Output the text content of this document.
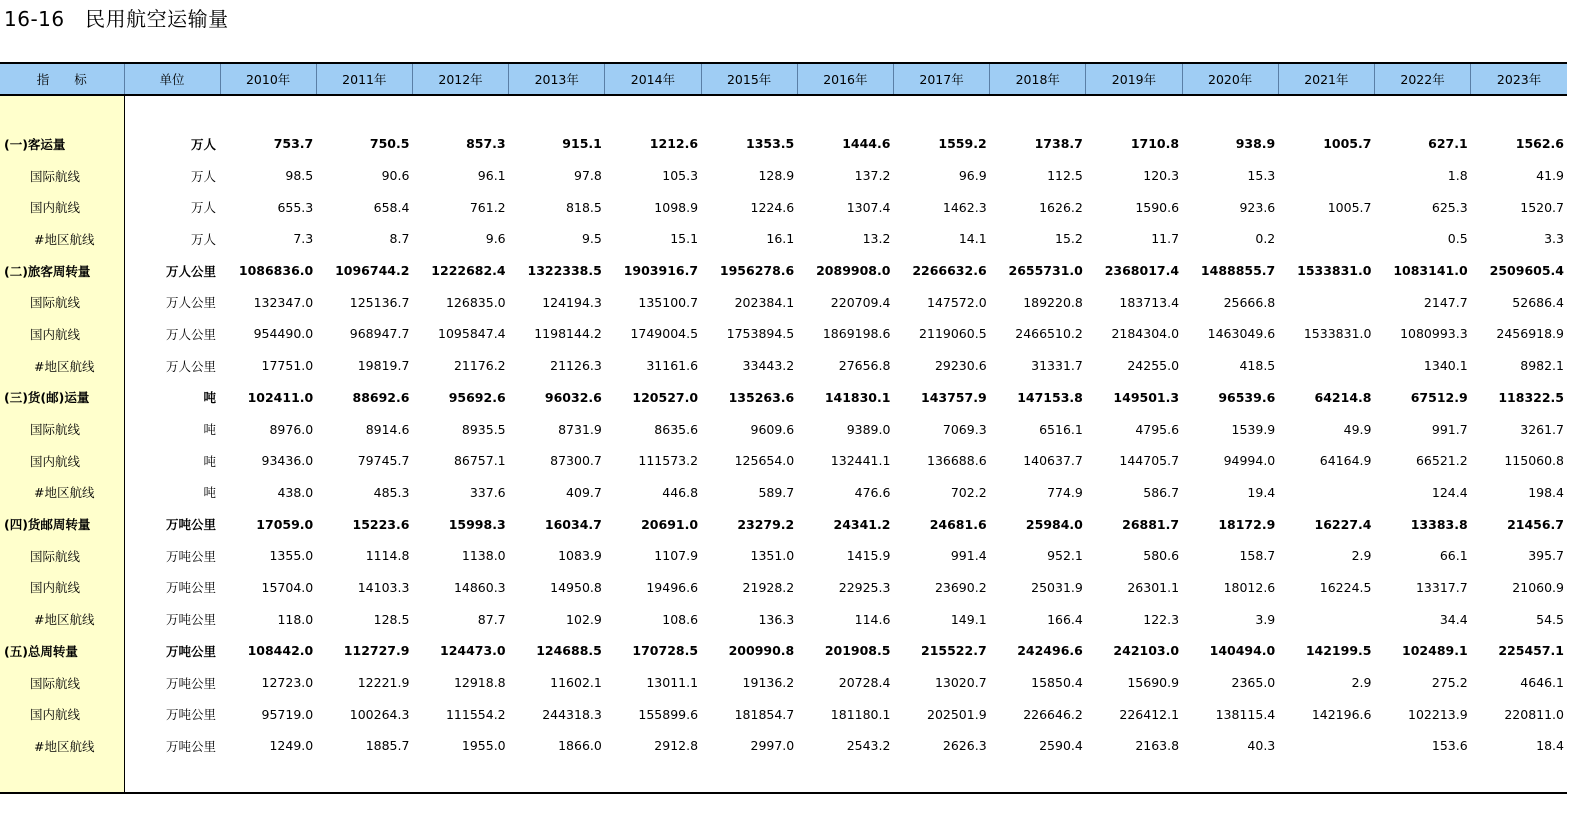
16-16　民用航空运输量
指　　标	单位	2010年	2011年	2012年	2013年	2014年	2015年	2016年	2017年	2018年	2019年	2020年	2021年	2022年	2023年

(一)客运量	万人	753.7	750.5	857.3	915.1	1212.6	1353.5	1444.6	1559.2	1738.7	1710.8	938.9	1005.7	627.1	1562.6
国际航线	万人	98.5	90.6	96.1	97.8	105.3	128.9	137.2	96.9	112.5	120.3	15.3		1.8	41.9
国内航线	万人	655.3	658.4	761.2	818.5	1098.9	1224.6	1307.4	1462.3	1626.2	1590.6	923.6	1005.7	625.3	1520.7
#地区航线	万人	7.3	8.7	9.6	9.5	15.1	16.1	13.2	14.1	15.2	11.7	0.2		0.5	3.3
(二)旅客周转量	万人公里	1086836.0	1096744.2	1222682.4	1322338.5	1903916.7	1956278.6	2089908.0	2266632.6	2655731.0	2368017.4	1488855.7	1533831.0	1083141.0	2509605.4
国际航线	万人公里	132347.0	125136.7	126835.0	124194.3	135100.7	202384.1	220709.4	147572.0	189220.8	183713.4	25666.8		2147.7	52686.4
国内航线	万人公里	954490.0	968947.7	1095847.4	1198144.2	1749004.5	1753894.5	1869198.6	2119060.5	2466510.2	2184304.0	1463049.6	1533831.0	1080993.3	2456918.9
#地区航线	万人公里	17751.0	19819.7	21176.2	21126.3	31161.6	33443.2	27656.8	29230.6	31331.7	24255.0	418.5		1340.1	8982.1
(三)货(邮)运量	吨	102411.0	88692.6	95692.6	96032.6	120527.0	135263.6	141830.1	143757.9	147153.8	149501.3	96539.6	64214.8	67512.9	118322.5
国际航线	吨	8976.0	8914.6	8935.5	8731.9	8635.6	9609.6	9389.0	7069.3	6516.1	4795.6	1539.9	49.9	991.7	3261.7
国内航线	吨	93436.0	79745.7	86757.1	87300.7	111573.2	125654.0	132441.1	136688.6	140637.7	144705.7	94994.0	64164.9	66521.2	115060.8
#地区航线	吨	438.0	485.3	337.6	409.7	446.8	589.7	476.6	702.2	774.9	586.7	19.4		124.4	198.4
(四)货邮周转量	万吨公里	17059.0	15223.6	15998.3	16034.7	20691.0	23279.2	24341.2	24681.6	25984.0	26881.7	18172.9	16227.4	13383.8	21456.7
国际航线	万吨公里	1355.0	1114.8	1138.0	1083.9	1107.9	1351.0	1415.9	991.4	952.1	580.6	158.7	2.9	66.1	395.7
国内航线	万吨公里	15704.0	14103.3	14860.3	14950.8	19496.6	21928.2	22925.3	23690.2	25031.9	26301.1	18012.6	16224.5	13317.7	21060.9
#地区航线	万吨公里	118.0	128.5	87.7	102.9	108.6	136.3	114.6	149.1	166.4	122.3	3.9		34.4	54.5
(五)总周转量	万吨公里	108442.0	112727.9	124473.0	124688.5	170728.5	200990.8	201908.5	215522.7	242496.6	242103.0	140494.0	142199.5	102489.1	225457.1
国际航线	万吨公里	12723.0	12221.9	12918.8	11602.1	13011.1	19136.2	20728.4	13020.7	15850.4	15690.9	2365.0	2.9	275.2	4646.1
国内航线	万吨公里	95719.0	100264.3	111554.2	244318.3	155899.6	181854.7	181180.1	202501.9	226646.2	226412.1	138115.4	142196.6	102213.9	220811.0
#地区航线	万吨公里	1249.0	1885.7	1955.0	1866.0	2912.8	2997.0	2543.2	2626.3	2590.4	2163.8	40.3		153.6	18.4
